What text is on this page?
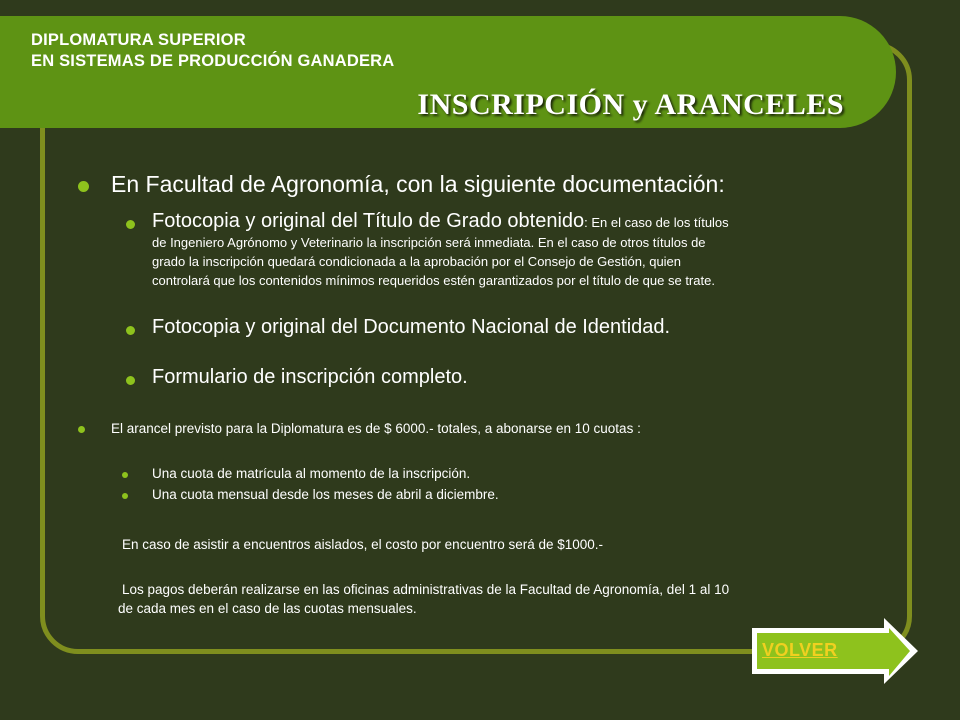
DIPLOMATURA SUPERIOR
EN SISTEMAS DE PRODUCCIÓN GANADERA
INSCRIPCIÓN y ARANCELES
En Facultad de Agronomía, con la siguiente documentación:
Fotocopia y original del Título de Grado obtenido: En el caso de los títulos
de Ingeniero Agrónomo y Veterinario la inscripción será inmediata. En el caso de otros títulos de
grado la inscripción quedará condicionada a la aprobación por el Consejo de Gestión, quien
controlará que los contenidos mínimos requeridos estén garantizados por el título de que se trate.
Fotocopia y original del Documento Nacional de Identidad.
Formulario de inscripción completo.
El arancel previsto para la Diplomatura es de $ 6000.- totales, a abonarse en 10 cuotas :
Una cuota de matrícula al momento de la inscripción.
Una cuota mensual desde los meses de abril a diciembre.
En caso de asistir a encuentros aislados, el costo por encuentro será de $1000.-
Los pagos deberán realizarse en las oficinas administrativas de la Facultad de Agronomía, del 1 al 10
de cada mes en el caso de las cuotas mensuales.
VOLVER
